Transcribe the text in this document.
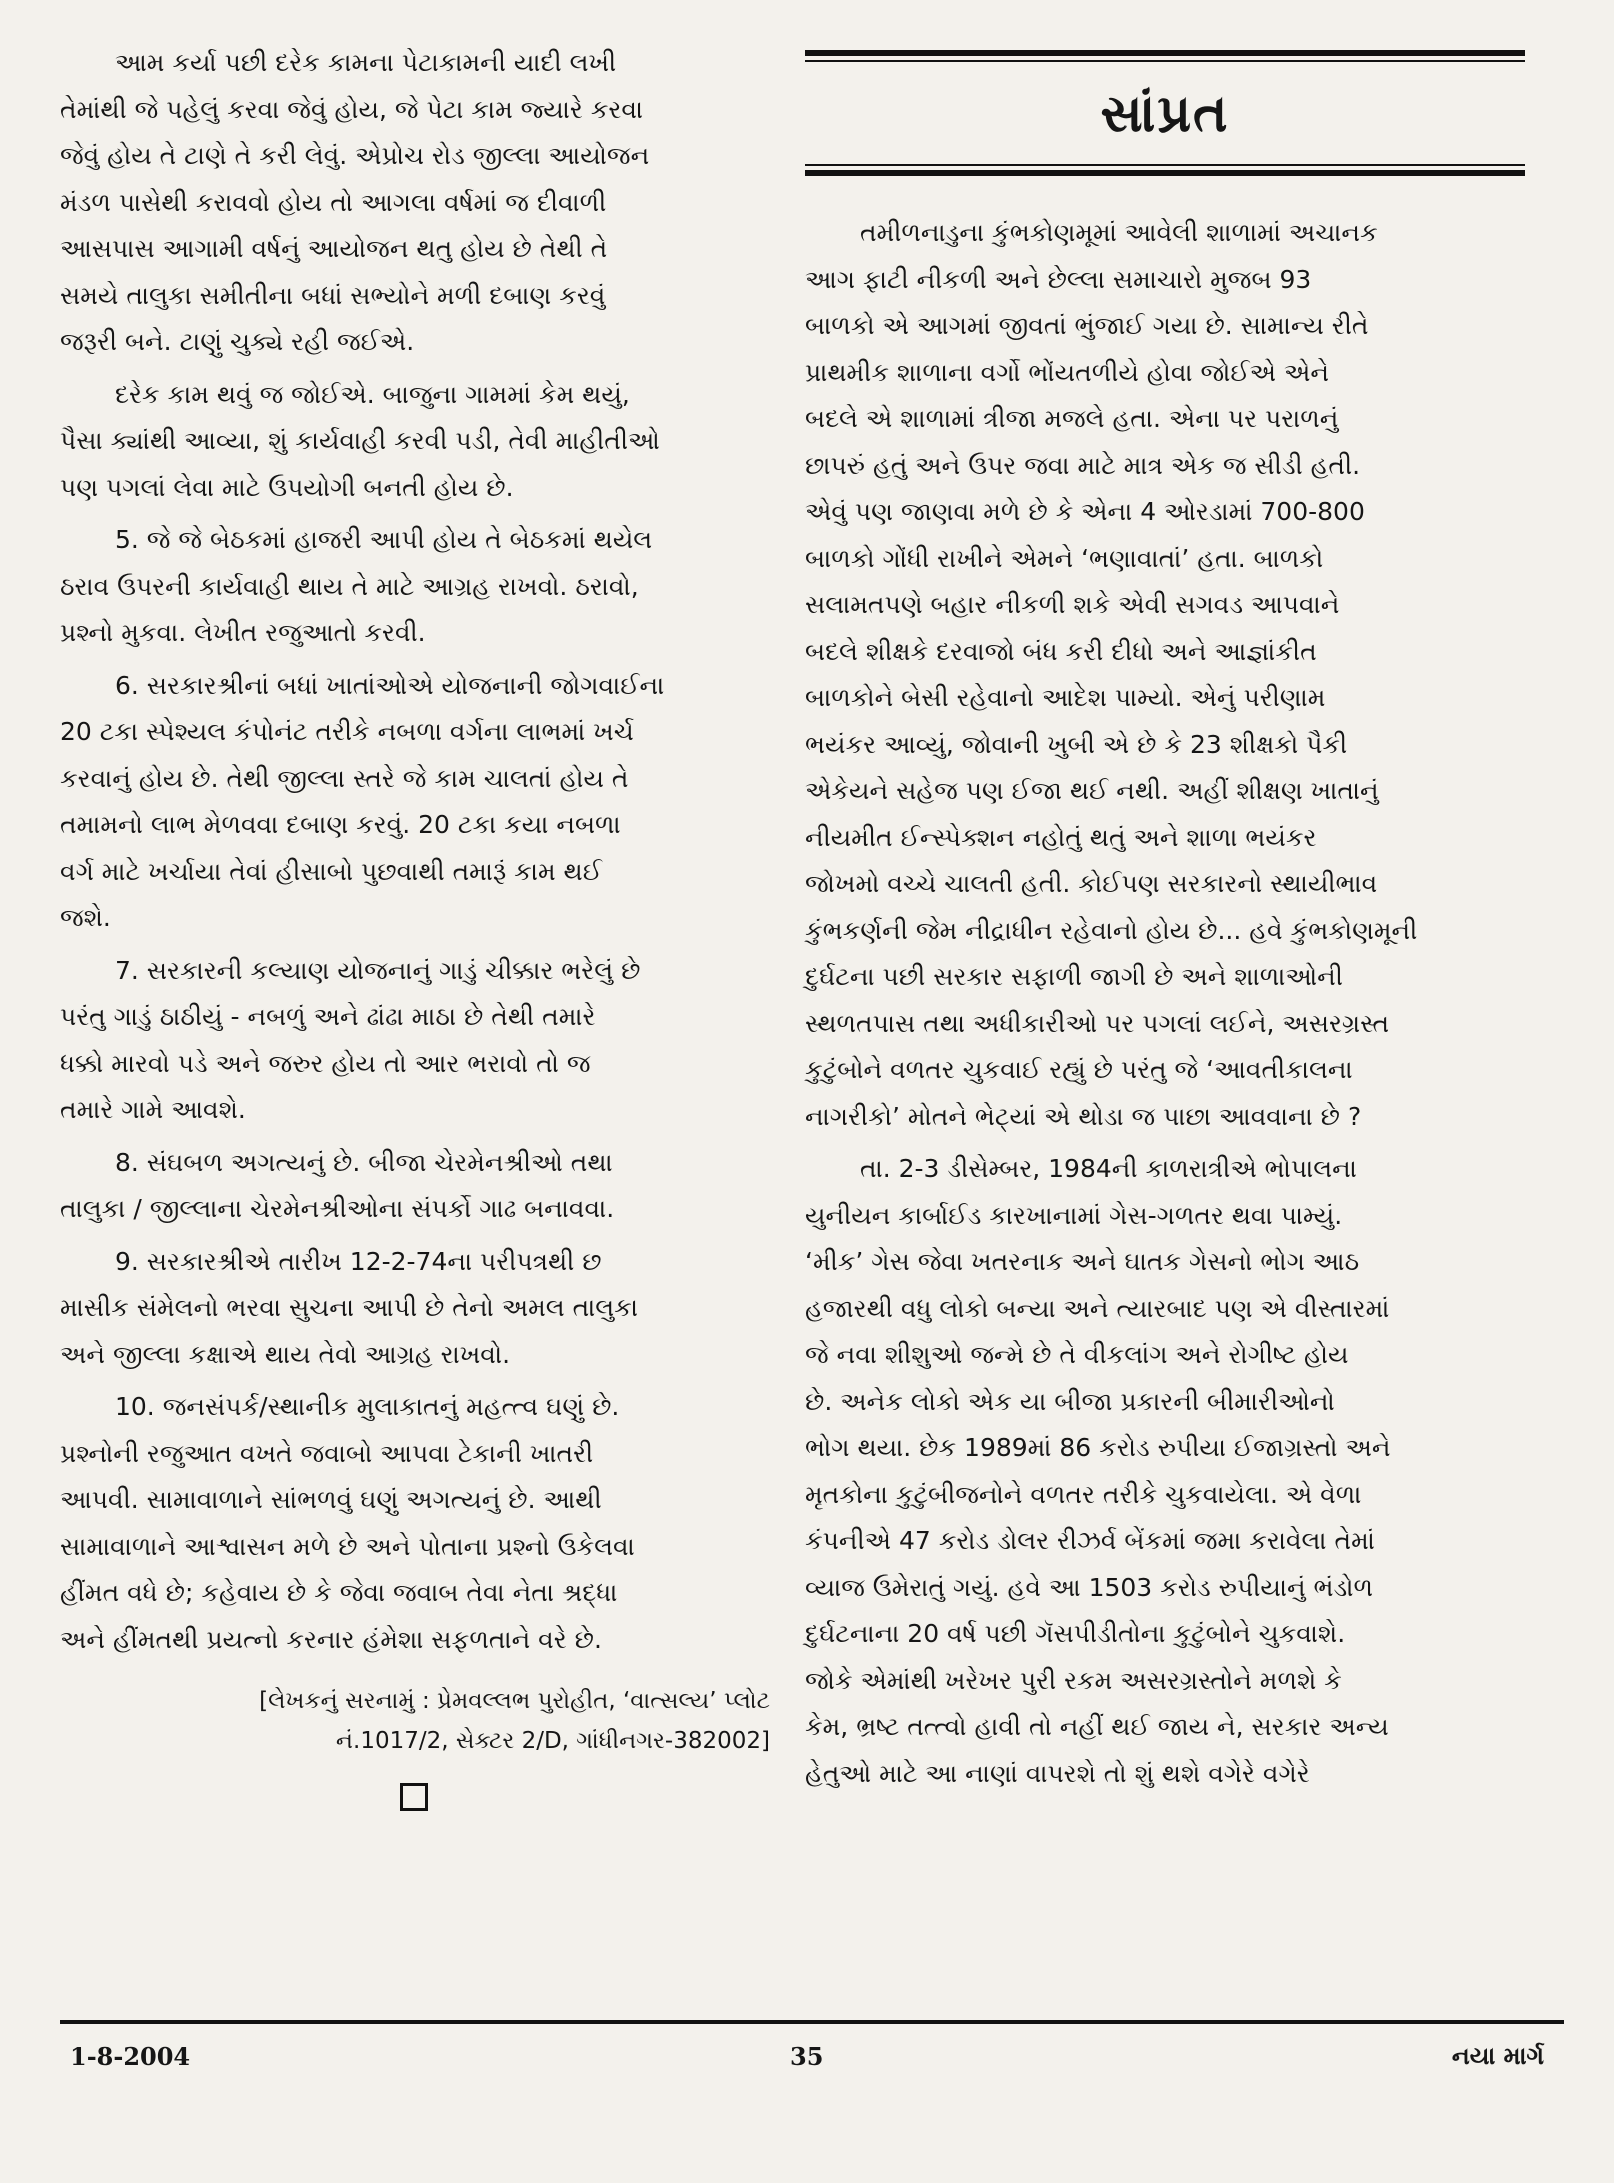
આમ કર્યા પછી દરેક કામના પેટાકામની યાદી લખી
તેમાંથી જે પહેલું કરવા જેવું હોય, જે પેટા કામ જ્યારે કરવા
જેવું હોય તે ટાણે તે કરી લેવું. એપ્રોચ રોડ જીલ્લા આયોજન
મંડળ પાસેથી કરાવવો હોય તો આગલા વર્ષમાં જ દીવાળી
આસપાસ આગામી વર્ષનું આયોજન થતુ હોય છે તેથી તે
સમયે તાલુકા સમીતીના બધાં સભ્યોને મળી દબાણ કરવું
જરૂરી બને. ટાણું ચુક્યે રહી જઈએ.

દરેક કામ થવું જ જોઈએ. બાજુના ગામમાં કેમ થયું,
પૈસા ક્યાંથી આવ્યા, શું કાર્યવાહી કરવી પડી, તેવી માહીતીઓ
પણ પગલાં લેવા માટે ઉપયોગી બનતી હોય છે.

5. જે જે બેઠકમાં હાજરી આપી હોય તે બેઠકમાં થયેલ
ઠરાવ ઉપરની કાર્યવાહી થાય તે માટે આગ્રહ રાખવો. ઠરાવો,
પ્રશ્નો મુકવા. લેખીત રજુઆતો કરવી.

6. સરકારશ્રીનાં બધાં ખાતાંઓએ યોજનાની જોગવાઈના
20 ટકા સ્પેશ્યલ કંપોનંટ તરીકે નબળા વર્ગના લાભમાં ખર્ચ
કરવાનું હોય છે. તેથી જીલ્લા સ્તરે જે કામ ચાલતાં હોય તે
તમામનો લાભ મેળવવા દબાણ કરવું. 20 ટકા કયા નબળા
વર્ગ માટે ખર્ચાયા તેવાં હીસાબો પુછવાથી તમારૂં કામ થઈ
જશે.

7. સરકારની કલ્યાણ યોજનાનું ગાડું ચીક્કાર ભરેલું છે
પરંતુ ગાડું ઠાઠીયું - નબળું અને ઢાંઢા માઠા છે તેથી તમારે
ધક્કો મારવો પડે અને જરુર હોય તો આર ભરાવો તો જ
તમારે ગામે આવશે.

8. સંઘબળ અગત્યનું છે. બીજા ચેરમેનશ્રીઓ તથા
તાલુકા / જીલ્લાના ચેરમેનશ્રીઓના સંપર્કો ગાઢ બનાવવા.

9. સરકારશ્રીએ તારીખ 12-2-74ના પરીપત્રથી છ
માસીક સંમેલનો ભરવા સુચના આપી છે તેનો અમલ તાલુકા
અને જીલ્લા કક્ષાએ થાય તેવો આગ્રહ રાખવો.

10. જનસંપર્ક/સ્થાનીક મુલાકાતનું મહત્ત્વ ઘણું છે.
પ્રશ્નોની રજુઆત વખતે જવાબો આપવા ટેકાની ખાતરી
આપવી. સામાવાળાને સાંભળવું ઘણું અગત્યનું છે. આથી
સામાવાળાને આશ્વાસન મળે છે અને પોતાના પ્રશ્નો ઉકેલવા
હીંમત વધે છે; કહેવાય છે કે જેવા જવાબ તેવા નેતા શ્રદ્ધા
અને હીંમતથી પ્રયત્નો કરનાર હંમેશા સફળતાને વરે છે.

[લેખકનું સરનામું : પ્રેમવલ્લભ પુરોહીત, ‘વાત્સલ્ય’ પ્લોટ
નં.1017/2, સેક્ટર 2/D, ગાંધીનગર-382002]

સાંપ્રત

તમીળનાડુના કુંભકોણમૂમાં આવેલી શાળામાં અચાનક
આગ ફાટી નીકળી અને છેલ્લા સમાચારો મુજબ 93
બાળકો એ આગમાં જીવતાં ભુંજાઈ ગયા છે. સામાન્ય રીતે
પ્રાથમીક શાળાના વર્ગો ભોંયતળીયે હોવા જોઈએ એને
બદલે એ શાળામાં ત્રીજા મજલે હતા. એના પર પરાળનું
છાપરું હતું અને ઉપર જવા માટે માત્ર એક જ સીડી હતી.
એવું પણ જાણવા મળે છે કે એના 4 ઓરડામાં 700-800
બાળકો ગોંધી રાખીને એમને ‘ભણાવાતાં’ હતા. બાળકો
સલામતપણે બહાર નીકળી શકે એવી સગવડ આપવાને
બદલે શીક્ષકે દરવાજો બંધ કરી દીધો અને આજ્ઞાંકીત
બાળકોને બેસી રહેવાનો આદેશ પામ્યો. એનું પરીણામ
ભયંકર આવ્યું, જોવાની ખુબી એ છે કે 23 શીક્ષકો પૈકી
એકેયને સહેજ પણ ઈજા થઈ નથી. અહીં શીક્ષણ ખાતાનું
નીયમીત ઈન્સ્પેક્શન નહોતું થતું અને શાળા ભયંકર
જોખમો વચ્ચે ચાલતી હતી. કોઈપણ સરકારનો સ્થાયીભાવ
કુંભકર્ણની જેમ નીદ્રાધીન રહેવાનો હોય છે... હવે કુંભકોણમૂની
દુર્ઘટના પછી સરકાર સફાળી જાગી છે અને શાળાઓની
સ્થળતપાસ તથા અધીકારીઓ પર પગલાં લઈને, અસરગ્રસ્ત
કુટુંબોને વળતર ચુકવાઈ રહ્યું છે પરંતુ જે ‘આવતીકાલના
નાગરીકો’ મોતને ભેટ્યાં એ થોડા જ પાછા આવવાના છે ?

તા. 2-3 ડીસેમ્બર, 1984ની કાળરાત્રીએ ભોપાલના
યુનીયન કાર્બાઈડ કારખાનામાં ગેસ-ગળતર થવા પામ્યું.
‘મીક’ ગેસ જેવા ખતરનાક અને ઘાતક ગેસનો ભોગ આઠ
હજારથી વધુ લોકો બન્યા અને ત્યારબાદ પણ એ વીસ્તારમાં
જે નવા શીશુઓ જન્મે છે તે વીકલાંગ અને રોગીષ્ટ હોય
છે. અનેક લોકો એક યા બીજા પ્રકારની બીમારીઓનો
ભોગ થયા. છેક 1989માં 86 કરોડ રુપીયા ઈજાગ્રસ્તો અને
મૃતકોના કુટુંબીજનોને વળતર તરીકે ચુકવાયેલા. એ વેળા
કંપનીએ 47 કરોડ ડોલર રીઝર્વ બેંકમાં જમા કરાવેલા તેમાં
વ્યાજ ઉમેરાતું ગયું. હવે આ 1503 કરોડ રુપીયાનું ભંડોળ
દુર્ઘટનાના 20 વર્ષ પછી ગૅસપીડીતોના કુટુંબોને ચુકવાશે.
જોકે એમાંથી ખરેખર પુરી રકમ અસરગ્રસ્તોને મળશે કે
કેમ, ભ્રષ્ટ તત્ત્વો હાવી તો નહીં થઈ જાય ને, સરકાર અન્ય
હેતુઓ માટે આ નાણાં વાપરશે તો શું થશે વગેરે વગેરે

1-8-2004	35	નયા માર્ગ
